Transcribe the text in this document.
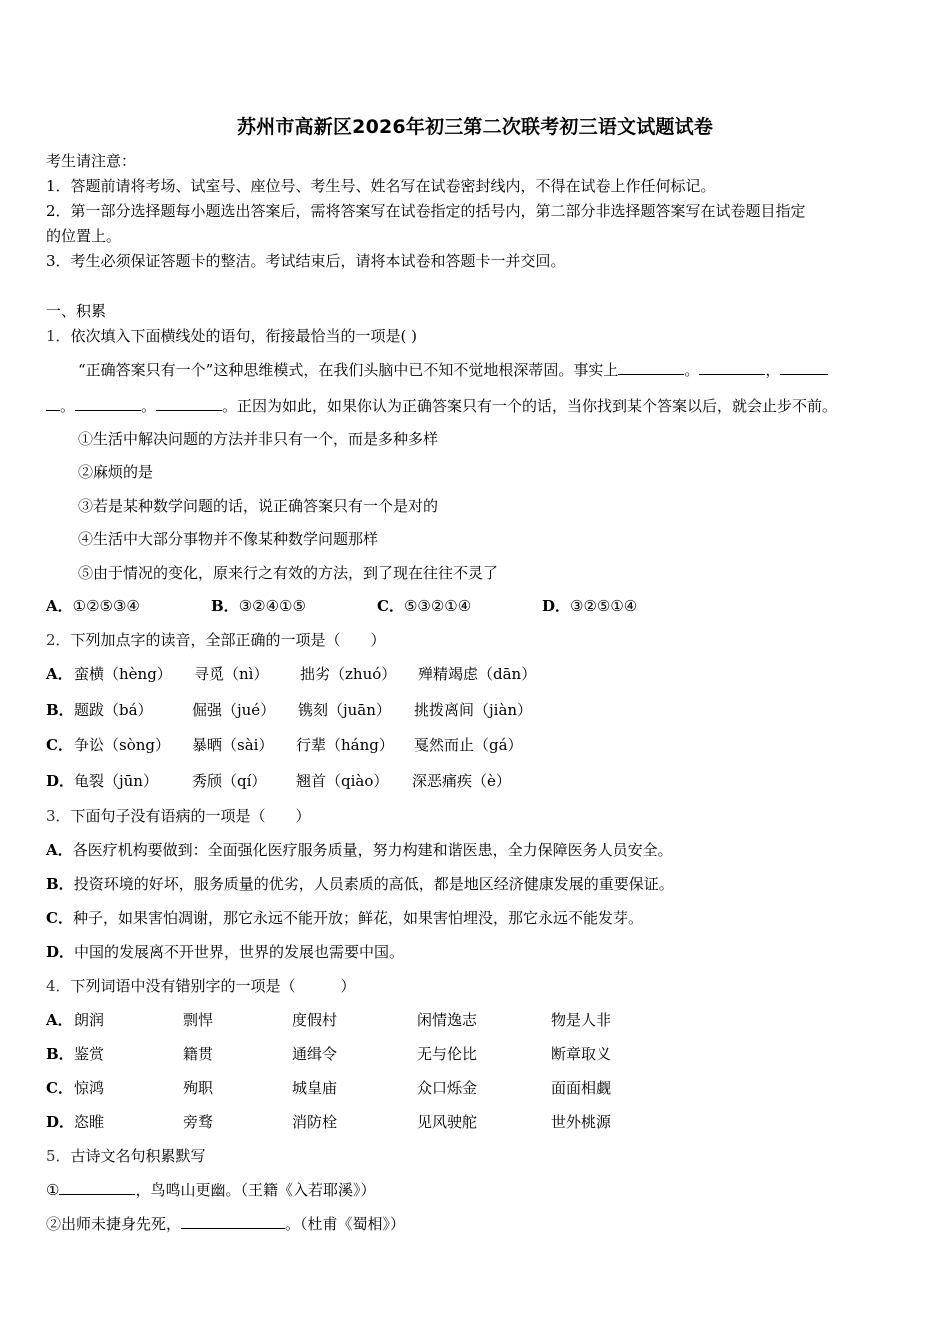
苏州市高新区2026年初三第二次联考初三语文试题试卷
考生请注意：
1．答题前请将考场、试室号、座位号、考生号、姓名写在试卷密封线内，不得在试卷上作任何标记。
2．第一部分选择题每小题选出答案后，需将答案写在试卷指定的括号内，第二部分非选择题答案写在试卷题目指定
的位置上。
3．考生必须保证答题卡的整洁。考试结束后，请将本试卷和答题卡一并交回。
一、积累
1．依次填入下面横线处的语句，衔接最恰当的一项是( )
“正确答案只有一个”这种思维模式，在我们头脑中已不知不觉地根深蒂固。事实上	。	，
。	。	。正因为如此，如果你认为正确答案只有一个的话，当你找到某个答案以后，就会止步不前。
①生活中解决问题的方法并非只有一个，而是多种多样
②麻烦的是
③若是某种数学问题的话，说正确答案只有一个是对的
④生活中大部分事物并不像某种数学问题那样
⑤由于情况的变化，原来行之有效的方法，到了现在往往不灵了
A．①②⑤③④	B．③②④①⑤	C．⑤③②①④	D．③②⑤①④
2．下列加点字的读音，全部正确的一项是（　　）
A． 蛮横（hèng） 寻觅（nì） 拙劣（zhuó） 殚精竭虑（dān）
B． 题跋（bá）	倔强（jué） 镌刻（juān） 挑拨离间（jiàn）
C． 争讼（sòng） 暴晒（sài） 行辈（háng） 戛然而止（gá）
D． 龟裂（jūn） 秀颀（qí） 翘首（qiào） 深恶痛疾（è）
3．下面句子没有语病的一项是（　　）
A．各医疗机构要做到：全面强化医疗服务质量，努力构建和谐医患，全力保障医务人员安全。
B．投资环境的好坏，服务质量的优劣，人员素质的高低，都是地区经济健康发展的重要保证。
C．种子，如果害怕凋谢，那它永远不能开放；鲜花，如果害怕埋没，那它永远不能发芽。
D．中国的发展离不开世界，世界的发展也需要中国。
4．下列词语中没有错别字的一项是（　　　）
A． 朗润	剽悍	度假村	闲情逸志	物是人非
B． 鉴赏	籍贯	通缉令	无与伦比	断章取义
C． 惊鸿	殉职	城皇庙	众口烁金	面面相觑
D． 恣睢	旁骛	消防栓	见风驶舵	世外桃源
5．古诗文名句积累默写
①	，鸟鸣山更幽。（王籍《入若耶溪》）
②出师未捷身先死，	。（杜甫《蜀相》）
